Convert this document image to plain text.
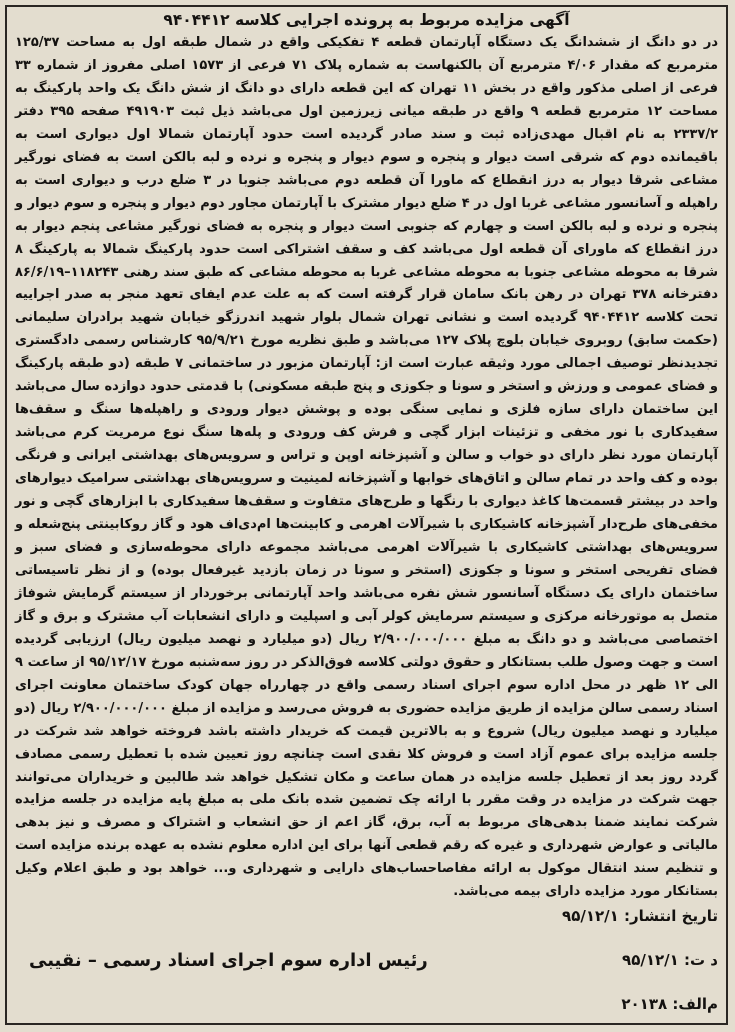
آگهی مزایده مربوط به پرونده اجرایی کلاسه ۹۴۰۴۴۱۲

در دو دانگ از ششدانگ یک دستگاه آپارتمان قطعه ۴ تفکیکی واقع در شمال طبقه اول به مساحت ۱۲۵/۳۷ مترمربع که مقدار ۴/۰۶ مترمربع آن بالکنهاست به شماره پلاک ۷۱ فرعی از ۱۵۷۳ اصلی مفروز از شماره ۳۳ فرعی از اصلی مذکور واقع در بخش ۱۱ تهران که این قطعه دارای دو دانگ از شش دانگ یک واحد پارکینگ به مساحت ۱۲ مترمربع قطعه ۹ واقع در طبقه میانی زیرزمین اول می‌باشد ذیل ثبت ۴۹۱۹۰۳ صفحه ۳۹۵ دفتر ۲۳۳۷/۲ به نام اقبال مهدی‌زاده ثبت و سند صادر گردیده است حدود آپارتمان شمالا اول دیواری است به باقیمانده دوم که شرقی است دیوار و پنجره و سوم دیوار و پنجره و نرده و لبه بالکن است به فضای نورگیر مشاعی شرقا دیوار به درز انقطاع که ماورا آن قطعه دوم می‌باشد جنوبا در ۳ ضلع درب و دیواری است به راهپله و آسانسور مشاعی غربا اول در ۴ ضلع دیوار مشترک با آپارتمان مجاور دوم دیوار و پنجره و سوم دیوار و پنجره و نرده و لبه بالکن است و چهارم که جنوبی است دیوار و پنجره به فضای نورگیر مشاعی پنجم دیوار به درز انقطاع که ماورای آن قطعه اول می‌باشد کف و سقف اشتراکی است حدود پارکینگ شمالا به پارکینگ ۸ شرقا به محوطه مشاعی جنوبا به محوطه مشاعی غربا به محوطه مشاعی که طبق سند رهنی ۱۱۸۲۴۳–۸۶/۶/۱۹ دفترخانه ۳۷۸ تهران در رهن بانک سامان قرار گرفته است که به علت عدم ایفای تعهد منجر به صدر اجراییه تحت کلاسه ۹۴۰۴۴۱۲ گردیده است و نشانی تهران شمال بلوار شهید اندرزگو خیابان شهید برادران سلیمانی (حکمت سابق) روبروی خیابان بلوچ پلاک ۱۲۷ می‌باشد و طبق نظریه مورخ ۹۵/۹/۲۱ کارشناس رسمی دادگستری تجدیدنظر توصیف اجمالی مورد وثیقه عبارت است از: آپارتمان مزبور در ساختمانی ۷ طبقه (دو طبقه پارکینگ و فضای عمومی و ورزش و استخر و سونا و جکوزی و پنج طبقه مسکونی) با قدمتی حدود دوازده سال می‌باشد این ساختمان دارای سازه فلزی و نمایی سنگی بوده و پوشش دیوار ورودی و راهپله‌ها سنگ و سقف‌ها سفیدکاری با نور مخفی و تزئینات ابزار گچی و فرش کف ورودی و پله‌ها سنگ نوع مرمریت کرم می‌باشد آپارتمان مورد نظر دارای دو خواب و سالن و آشپزخانه اوپن و تراس و سرویس‌های بهداشتی ایرانی و فرنگی بوده و کف واحد در تمام سالن و اتاق‌های خوابها و آشپزخانه لمینیت و سرویس‌های بهداشتی سرامیک دیوارهای واحد در بیشتر قسمت‌ها کاغذ دیواری با رنگها و طرح‌های متفاوت و سقف‌ها سفیدکاری با ابزارهای گچی و نور مخفی‌های طرح‌دار آشپزخانه کاشیکاری با شیرآلات اهرمی و کابینت‌ها ام‌دی‌اف هود و گاز روکابینتی پنج‌شعله و سرویس‌های بهداشتی کاشیکاری با شیرآلات اهرمی می‌باشد مجموعه دارای محوطه‌سازی و فضای سبز و فضای تفریحی استخر و سونا و جکوزی (استخر و سونا در زمان بازدید غیرفعال بوده) و از نظر تاسیساتی ساختمان دارای یک دستگاه آسانسور شش نفره می‌باشد واحد آپارتمانی برخوردار از سیستم گرمایش شوفاژ متصل به موتورخانه مرکزی و سیستم سرمایش کولر آبی و اسپلیت و دارای انشعابات آب مشترک و برق و گاز اختصاصی می‌باشد و دو دانگ به مبلغ ۲/۹۰۰/۰۰۰/۰۰۰ ریال (دو میلیارد و نهصد میلیون ریال) ارزیابی گردیده است و جهت وصول طلب بستانکار و حقوق دولتی کلاسه فوق‌الذکر در روز سه‌شنبه مورخ ۹۵/۱۲/۱۷ از ساعت ۹ الی ۱۲ ظهر در محل اداره سوم اجرای اسناد رسمی واقع در چهارراه جهان کودک ساختمان معاونت اجرای اسناد رسمی سالن مزایده از طریق مزایده حضوری به فروش می‌رسد و مزایده از مبلغ ۲/۹۰۰/۰۰۰/۰۰۰ ریال (دو میلیارد و نهصد میلیون ریال) شروع و به بالاترین قیمت که خریدار داشته باشد فروخته خواهد شد شرکت در جلسه مزایده برای عموم آزاد است و فروش کلا نقدی است چنانچه روز تعیین شده با تعطیل رسمی مصادف گردد روز بعد از تعطیل جلسه مزایده در همان ساعت و مکان تشکیل خواهد شد طالبین و خریداران می‌توانند جهت شرکت در مزایده در وقت مقرر با ارائه چک تضمین شده بانک ملی به مبلغ پایه مزایده در جلسه مزایده شرکت نمایند ضمنا بدهی‌های مربوط به آب، برق، گاز اعم از حق انشعاب و اشتراک و مصرف و نیز بدهی مالیاتی و عوارض شهرداری و غیره که رقم قطعی آنها برای این اداره معلوم نشده به عهده برنده مزایده است و تنظیم سند انتقال موکول به ارائه مفاصاحساب‌های دارایی و شهرداری و... خواهد بود و طبق اعلام وکیل بستانکار مورد مزایده دارای بیمه می‌باشد.

تاریخ انتشار: ۹۵/۱۲/۱

د ت: ۹۵/۱۲/۱

رئیس اداره سوم اجرای اسناد رسمی – نقیبی

م‌الف: ۲۰۱۳۸
